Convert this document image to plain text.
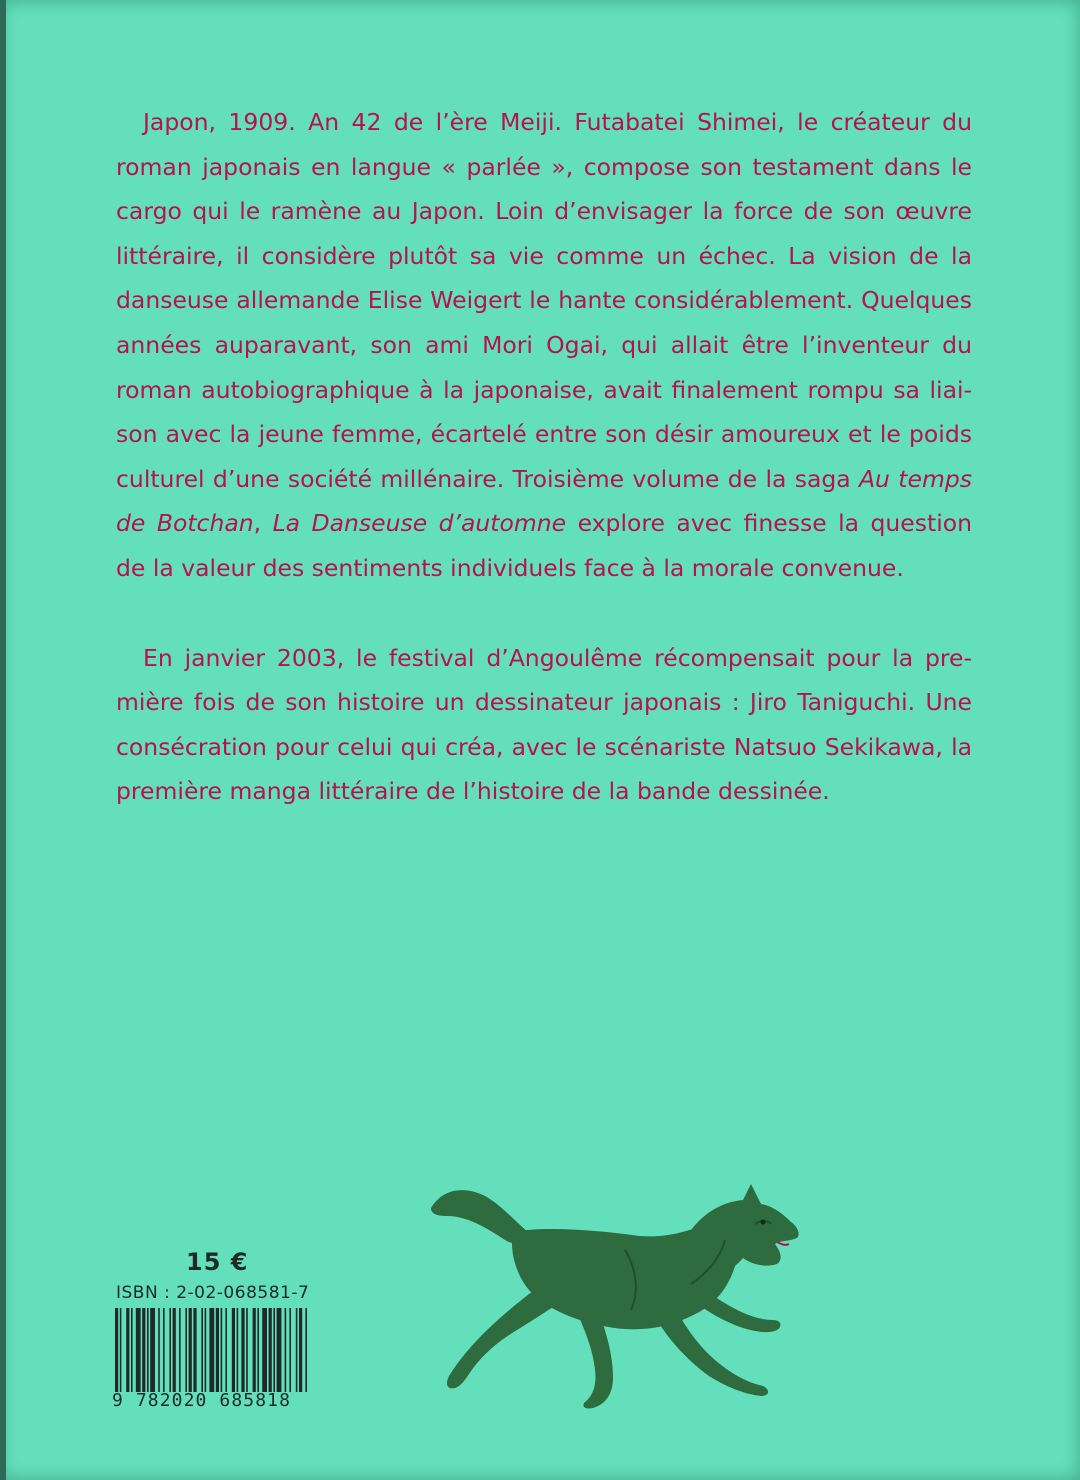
Japon, 1909. An 42 de l’ère Meiji. Futabatei Shimei, le créateur du roman japonais en langue « parlée », compose son testament dans le cargo qui le ramène au Japon. Loin d’envisager la force de son œuvre littéraire, il considère plutôt sa vie comme un échec. La vision de la danseuse allemande Elise Weigert le hante considérablement. Quelques années auparavant, son ami Mori Ogai, qui allait être l’inventeur du roman autobiographique à la japonaise, avait finalement rompu sa liaison avec la jeune femme, écartelé entre son désir amoureux et le poids culturel d’une société millénaire. Troisième volume de la saga Au temps de Botchan, La Danseuse d’automne explore avec finesse la question de la valeur des sentiments individuels face à la morale convenue.

En janvier 2003, le festival d’Angoulême récompensait pour la première fois de son histoire un dessinateur japonais : Jiro Taniguchi. Une consécration pour celui qui créa, avec le scénariste Natsuo Sekikawa, la première manga littéraire de l’histoire de la bande dessinée.

15 €
ISBN : 2-02-068581-7
9 782020 685818
